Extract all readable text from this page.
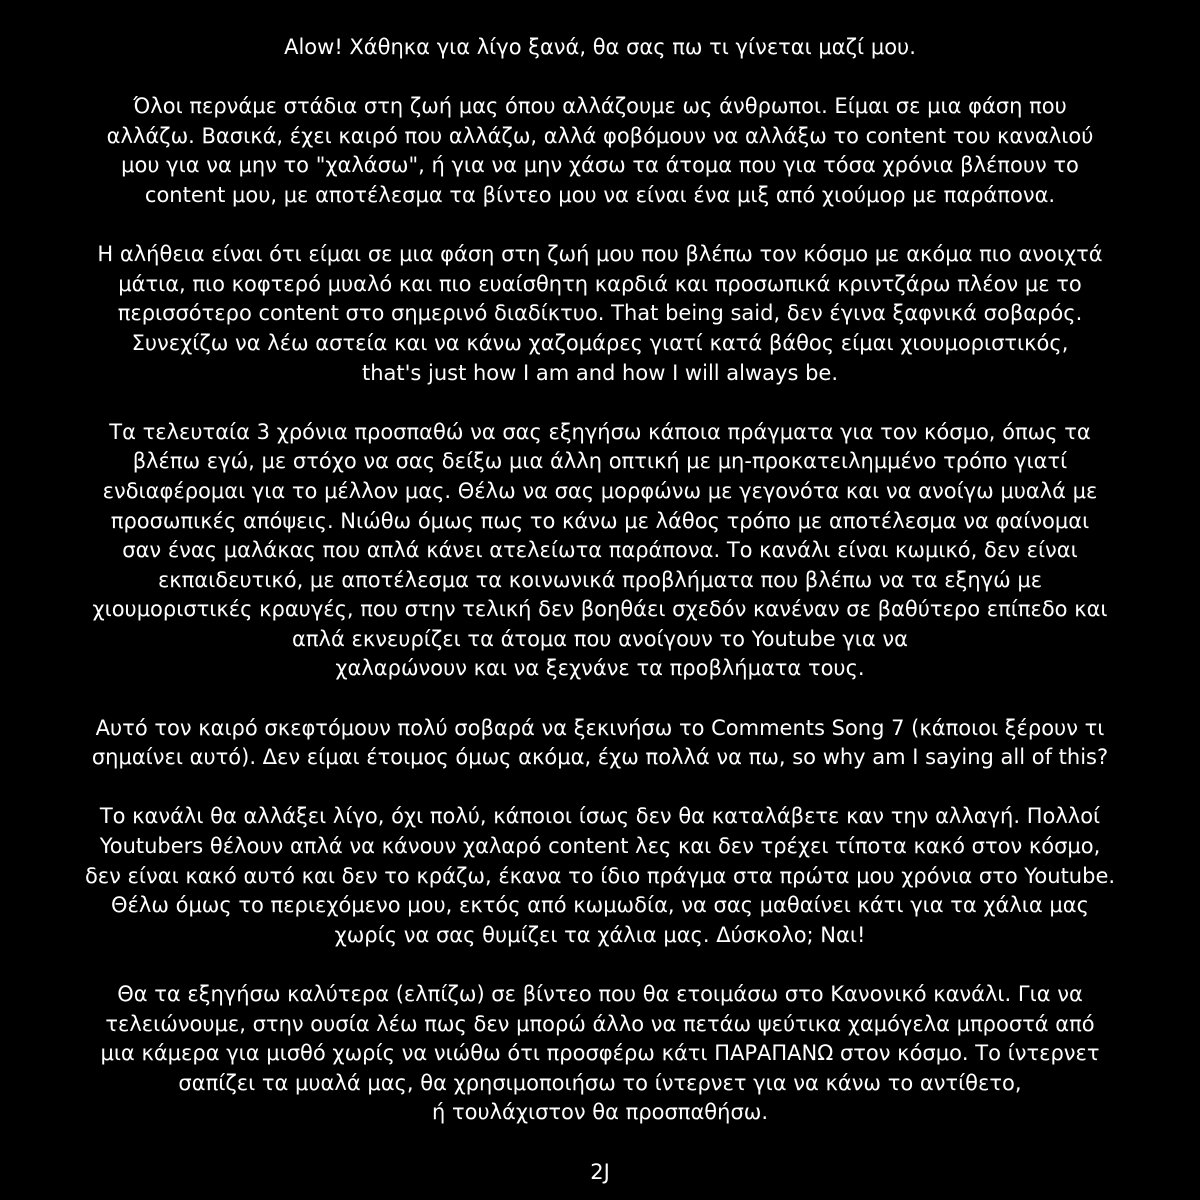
Alow! Χάθηκα για λίγο ξανά, θα σας πω τι γίνεται μαζί μου.
Όλοι περνάμε στάδια στη ζωή μας όπου αλλάζουμε ως άνθρωποι. Είμαι σε μια φάση που
αλλάζω. Βασικά, έχει καιρό που αλλάζω, αλλά φοβόμουν να αλλάξω το content του καναλιού
μου για να μην το "χαλάσω", ή για να μην χάσω τα άτομα που για τόσα χρόνια βλέπουν το
content μου, με αποτέλεσμα τα βίντεο μου να είναι ένα μιξ από χιούμορ με παράπονα.
Η αλήθεια είναι ότι είμαι σε μια φάση στη ζωή μου που βλέπω τον κόσμο με ακόμα πιο ανοιχτά
μάτια, πιο κοφτερό μυαλό και πιο ευαίσθητη καρδιά και προσωπικά κριντζάρω πλέον με το
περισσότερο content στο σημερινό διαδίκτυο. That being said, δεν έγινα ξαφνικά σοβαρός.
Συνεχίζω να λέω αστεία και να κάνω χαζομάρες γιατί κατά βάθος είμαι χιουμοριστικός,
that's just how I am and how I will always be.
Τα τελευταία 3 χρόνια προσπαθώ να σας εξηγήσω κάποια πράγματα για τον κόσμο, όπως τα
βλέπω εγώ, με στόχο να σας δείξω μια άλλη οπτική με μη-προκατειλημμένο τρόπο γιατί
ενδιαφέρομαι για το μέλλον μας. Θέλω να σας μορφώνω με γεγονότα και να ανοίγω μυαλά με
προσωπικές απόψεις. Νιώθω όμως πως το κάνω με λάθος τρόπο με αποτέλεσμα να φαίνομαι
σαν ένας μαλάκας που απλά κάνει ατελείωτα παράπονα. Το κανάλι είναι κωμικό, δεν είναι
εκπαιδευτικό, με αποτέλεσμα τα κοινωνικά προβλήματα που βλέπω να τα εξηγώ με
χιουμοριστικές κραυγές, που στην τελική δεν βοηθάει σχεδόν κανέναν σε βαθύτερο επίπεδο και
απλά εκνευρίζει τα άτομα που ανοίγουν το Youtube για να
χαλαρώνουν και να ξεχνάνε τα προβλήματα τους.
Αυτό τον καιρό σκεφτόμουν πολύ σοβαρά να ξεκινήσω το Comments Song 7 (κάποιοι ξέρουν τι
σημαίνει αυτό). Δεν είμαι έτοιμος όμως ακόμα, έχω πολλά να πω, so why am I saying all of this?
Το κανάλι θα αλλάξει λίγο, όχι πολύ, κάποιοι ίσως δεν θα καταλάβετε καν την αλλαγή. Πολλοί
Youtubers θέλουν απλά να κάνουν χαλαρό content λες και δεν τρέχει τίποτα κακό στον κόσμο,
δεν είναι κακό αυτό και δεν το κράζω, έκανα το ίδιο πράγμα στα πρώτα μου χρόνια στο Youtube.
Θέλω όμως το περιεχόμενο μου, εκτός από κωμωδία, να σας μαθαίνει κάτι για τα χάλια μας
χωρίς να σας θυμίζει τα χάλια μας. Δύσκολο; Ναι!
Θα τα εξηγήσω καλύτερα (ελπίζω) σε βίντεο που θα ετοιμάσω στο Κανονικό κανάλι. Για να
τελειώνουμε, στην ουσία λέω πως δεν μπορώ άλλο να πετάω ψεύτικα χαμόγελα μπροστά από
μια κάμερα για μισθό χωρίς να νιώθω ότι προσφέρω κάτι ΠΑΡΑΠΑΝΩ στον κόσμο. Το ίντερνετ
σαπίζει τα μυαλά μας, θα χρησιμοποιήσω το ίντερνετ για να κάνω το αντίθετο,
ή τουλάχιστον θα προσπαθήσω.
2J
